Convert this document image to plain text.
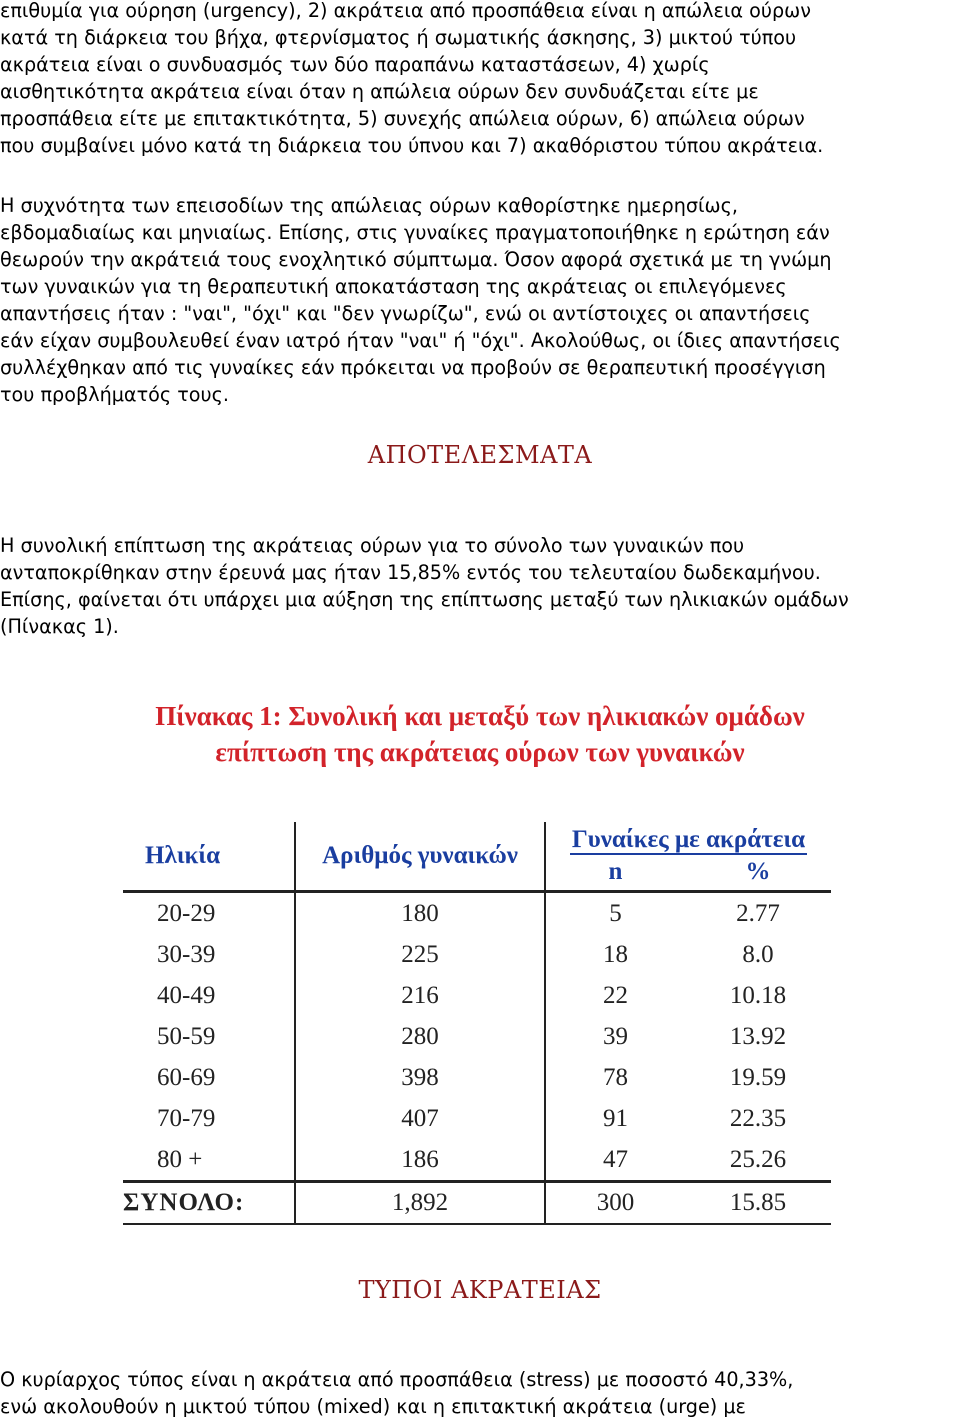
επιθυμία για ούρηση (urgency), 2) ακράτεια από προσπάθεια είναι η απώλεια ούρων
κατά τη διάρκεια του βήχα, φτερνίσματος ή σωματικής άσκησης, 3) μικτού τύπου
ακράτεια είναι ο συνδυασμός των δύο παραπάνω καταστάσεων, 4) χωρίς
αισθητικότητα ακράτεια είναι όταν η απώλεια ούρων δεν συνδυάζεται είτε με
προσπάθεια είτε με επιτακτικότητα, 5) συνεχής απώλεια ούρων, 6) απώλεια ούρων
που συμβαίνει μόνο κατά τη διάρκεια του ύπνου και 7) ακαθόριστου τύπου ακράτεια.
Η συχνότητα των επεισοδίων της απώλειας ούρων καθορίστηκε ημερησίως,
εβδομαδιαίως και μηνιαίως. Επίσης, στις γυναίκες πραγματοποιήθηκε η ερώτηση εάν
θεωρούν την ακράτειά τους ενοχλητικό σύμπτωμα. Όσον αφορά σχετικά με τη γνώμη
των γυναικών για τη θεραπευτική αποκατάσταση της ακράτειας οι επιλεγόμενες
απαντήσεις ήταν : "ναι", "όχι" και "δεν γνωρίζω", ενώ οι αντίστοιχες οι απαντήσεις
εάν είχαν συμβουλευθεί έναν ιατρό ήταν "ναι" ή "όχι". Ακολούθως, οι ίδιες απαντήσεις
συλλέχθηκαν από τις γυναίκες εάν πρόκειται να προβούν σε θεραπευτική προσέγγιση
του προβλήματός τους.
ΑΠΟΤΕΛΕΣΜΑΤΑ
Η συνολική επίπτωση της ακράτειας ούρων για το σύνολο των γυναικών που
ανταποκρίθηκαν στην έρευνά μας ήταν 15,85% εντός του τελευταίου δωδεκαμήνου.
Επίσης, φαίνεται ότι υπάρχει μια αύξηση της επίπτωσης μεταξύ των ηλικιακών ομάδων
(Πίνακας 1).
Πίνακας 1: Συνολική και μεταξύ των ηλικιακών ομάδων
επίπτωση της ακράτειας ούρων των γυναικών
Ηλικία	Αριθμός γυναικών	Γυναίκες με ακράτεια	
		n	%
20-29	180	5	2.77
30-39	225	18	8.0
40-49	216	22	10.18
50-59	280	39	13.92
60-69	398	78	19.59
70-79	407	91	22.35
80 +	186	47	25.26
ΣΥΝΟΛΟ:	1,892	300	15.85
ΤΥΠΟΙ ΑΚΡΑΤΕΙΑΣ
Ο κυρίαρχος τύπος είναι η ακράτεια από προσπάθεια (stress) με ποσοστό 40,33%,
ενώ ακολουθούν η μικτού τύπου (mixed) και η επιτακτική ακράτεια (urge) με
